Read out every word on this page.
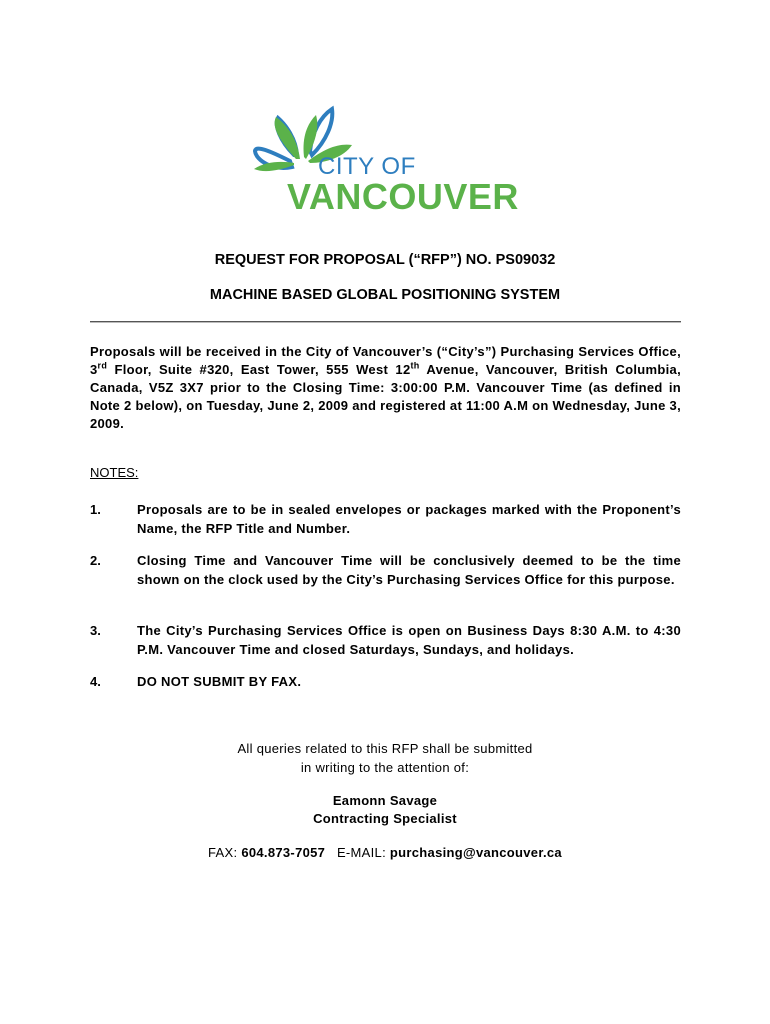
CITY OF
VANCOUVER
REQUEST FOR PROPOSAL (“RFP”) NO. PS09032
MACHINE BASED GLOBAL POSITIONING SYSTEM

Proposals will be received in the City of Vancouver’s (“City’s”) Purchasing Services Office, 3rd Floor, Suite #320, East Tower, 555 West 12th Avenue, Vancouver, British Columbia, Canada, V5Z 3X7 prior to the Closing Time: 3:00:00 P.M. Vancouver Time (as defined in Note 2 below), on Tuesday, June 2, 2009 and registered at 11:00 A.M on Wednesday, June 3, 2009.

NOTES:
1.	Proposals are to be in sealed envelopes or packages marked with the Proponent’s Name, the RFP Title and Number.
2.	Closing Time and Vancouver Time will be conclusively deemed to be the time shown on the clock used by the City’s Purchasing Services Office for this purpose.
3.	The City’s Purchasing Services Office is open on Business Days 8:30 A.M. to 4:30 P.M. Vancouver Time and closed Saturdays, Sundays, and holidays.
4.	DO NOT SUBMIT BY FAX.
All queries related to this RFP shall be submitted
in writing to the attention of:
Eamonn Savage
Contracting Specialist
FAX: 604.873-7057 E-MAIL: purchasing@vancouver.ca
